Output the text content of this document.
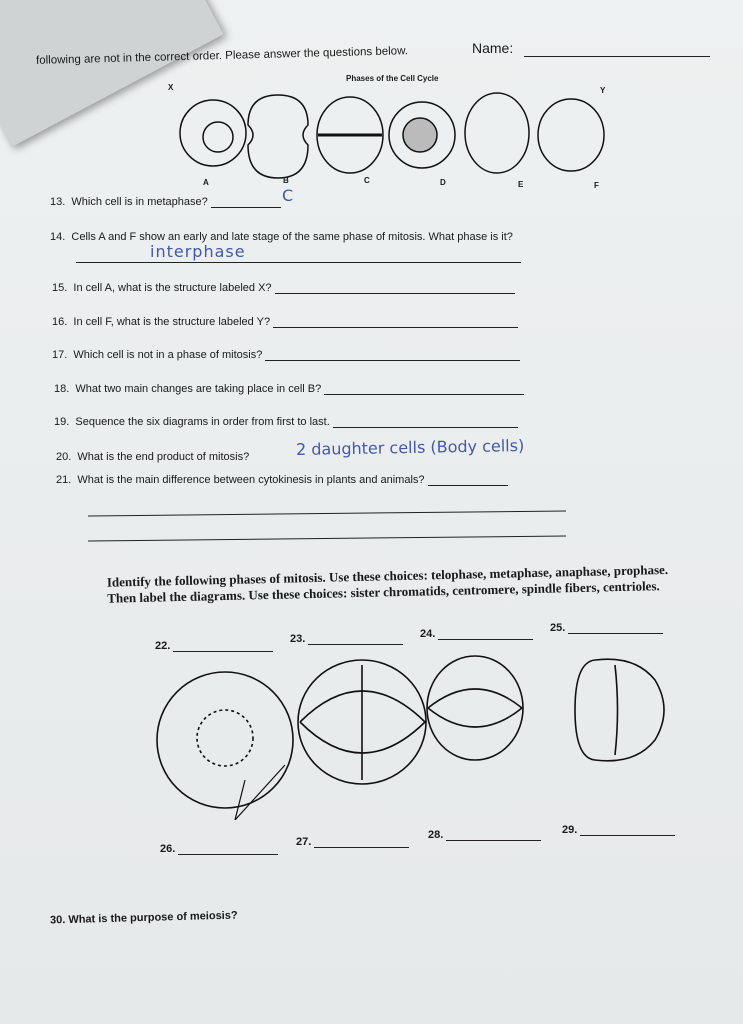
following are not in the correct order. Please answer the questions below.	Name:
Phases of the Cell Cycle
X	Y
A	B	C	D	E	F
13. Which cell is in metaphase?	C
14. Cells A and F show an early and late stage of the same phase of mitosis. What phase is it?
interphase
15. In cell A, what is the structure labeled X?
16. In cell F, what is the structure labeled Y?
17. Which cell is not in a phase of mitosis?
18. What two main changes are taking place in cell B?
19. Sequence the six diagrams in order from first to last.
20. What is the end product of mitosis?	2 daughter cells (Body cells)
21. What is the main difference between cytokinesis in plants and animals?
Identify the following phases of mitosis. Use these choices: telophase, metaphase, anaphase, prophase. Then label the diagrams. Use these choices: sister chromatids, centromere, spindle fibers, centrioles.
22.
23.	24.	25.
26.
27.
28.	29.
30. What is the purpose of meiosis?
